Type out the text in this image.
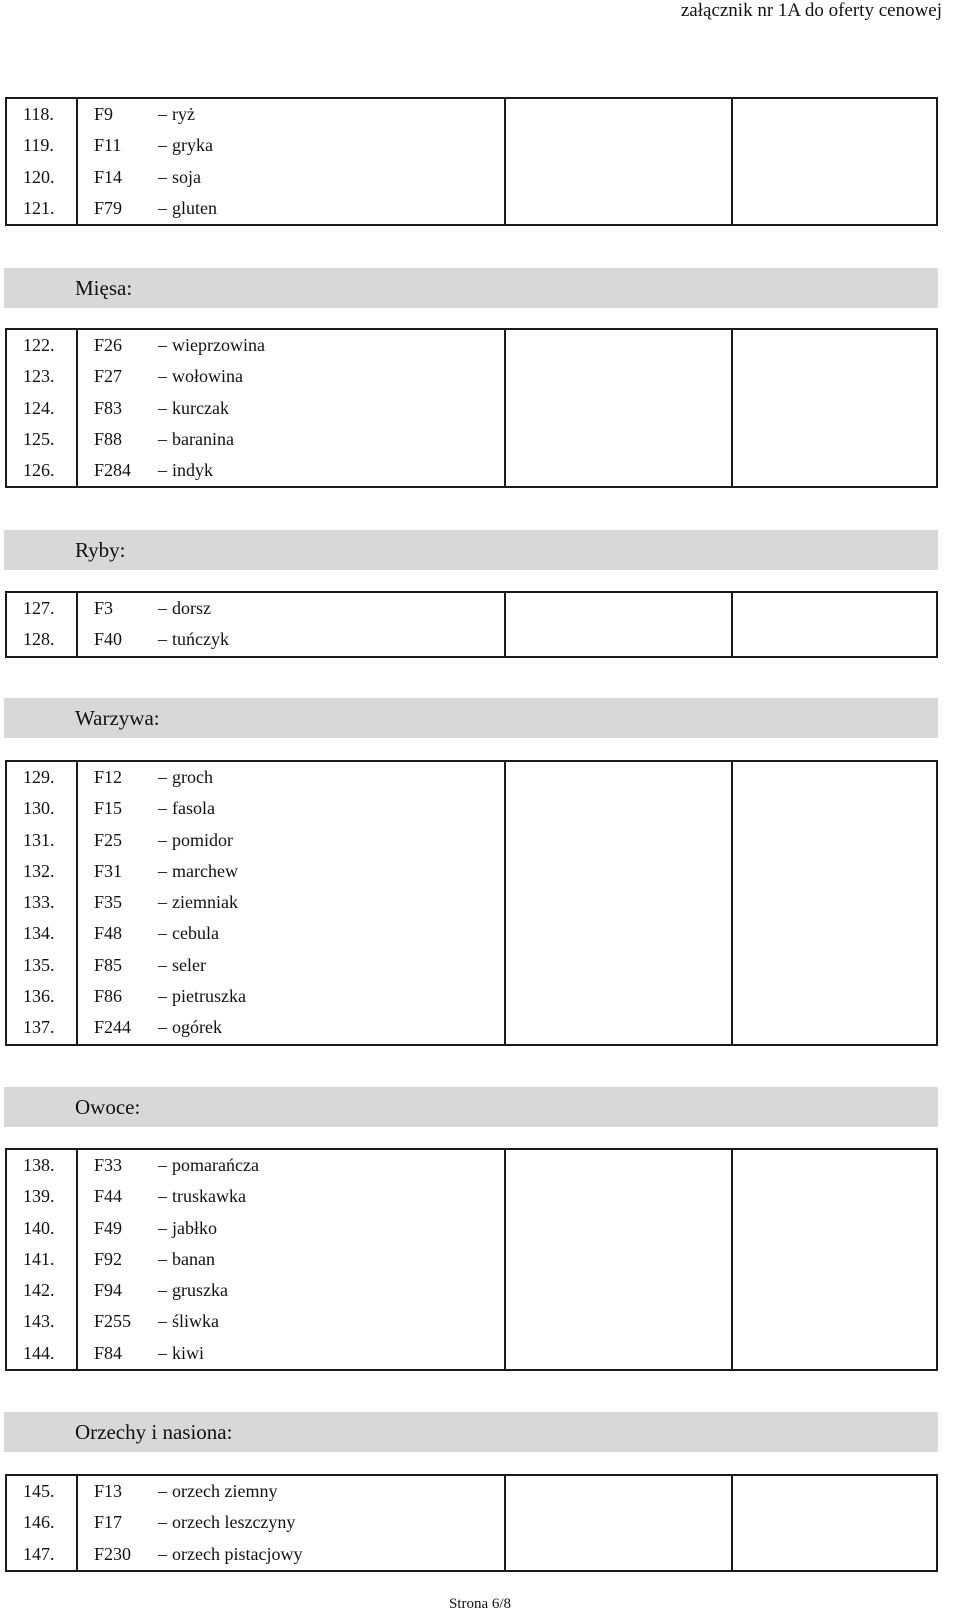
załącznik nr 1A do oferty cenowej
118.	F9 – ryż
119.	F11 – gryka
120.	F14 – soja
121.	F79 – gluten
Mięsa:
122.	F26 – wieprzowina
123.	F27 – wołowina
124.	F83 – kurczak
125.	F88 – baranina
126.	F284 – indyk
Ryby:
127.	F3 – dorsz
128.	F40 – tuńczyk
Warzywa:
129.	F12 – groch
130.	F15 – fasola
131.	F25 – pomidor
132.	F31 – marchew
133.	F35 – ziemniak
134.	F48 – cebula
135.	F85 – seler
136.	F86 – pietruszka
137.	F244 – ogórek
Owoce:
138.	F33 – pomarańcza
139.	F44 – truskawka
140.	F49 – jabłko
141.	F92 – banan
142.	F94 – gruszka
143.	F255 – śliwka
144.	F84 – kiwi
Orzechy i nasiona:
145.	F13 – orzech ziemny
146.	F17 – orzech leszczyny
147.	F230 – orzech pistacjowy
Strona 6/8
